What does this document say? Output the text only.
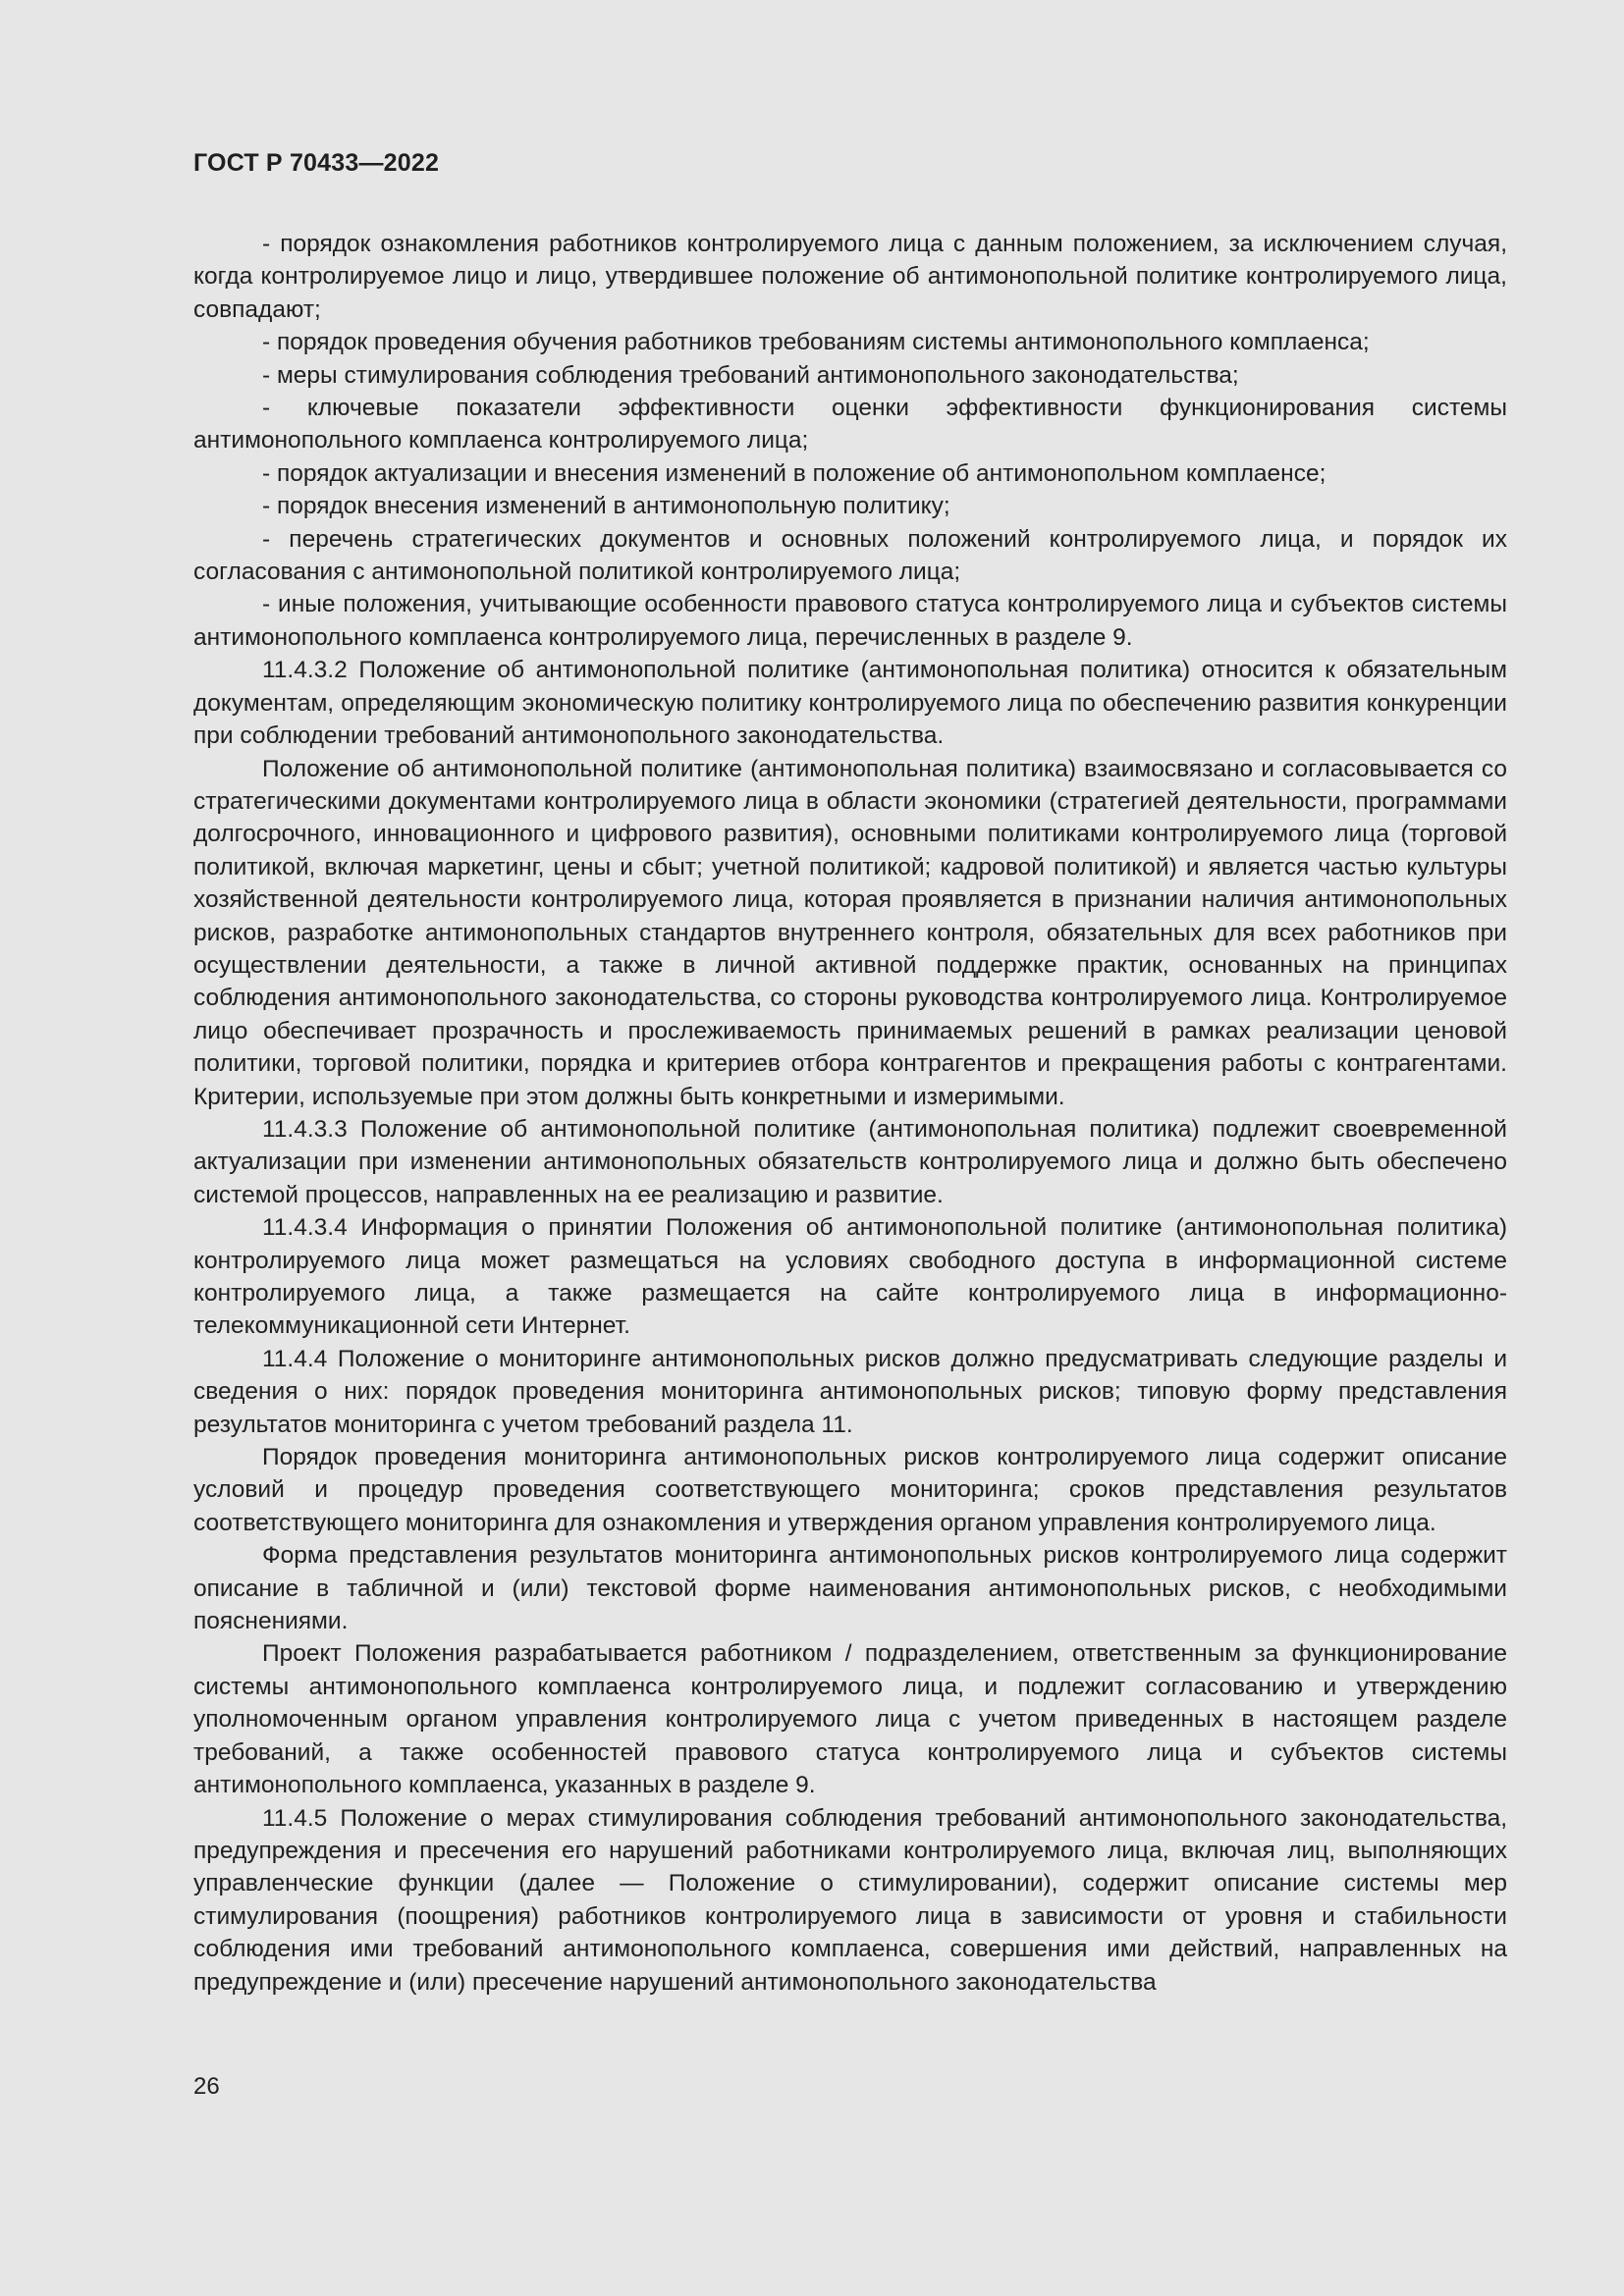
ГОСТ Р 70433—2022

- порядок ознакомления работников контролируемого лица с данным положением, за исключением случая, когда контролируемое лицо и лицо, утвердившее положение об антимонопольной политике контролируемого лица, совпадают;

- порядок проведения обучения работников требованиям системы антимонопольного комплаенса;

- меры стимулирования соблюдения требований антимонопольного законодательства;

- ключевые показатели эффективности оценки эффективности функционирования системы антимонопольного комплаенса контролируемого лица;

- порядок актуализации и внесения изменений в положение об антимонопольном комплаенсе;

- порядок внесения изменений в антимонопольную политику;

- перечень стратегических документов и основных положений контролируемого лица, и порядок их согласования с антимонопольной политикой контролируемого лица;

- иные положения, учитывающие особенности правового статуса контролируемого лица и субъектов системы антимонопольного комплаенса контролируемого лица, перечисленных в разделе 9.

11.4.3.2 Положение об антимонопольной политике (антимонопольная политика) относится к обязательным документам, определяющим экономическую политику контролируемого лица по обеспечению развития конкуренции при соблюдении требований антимонопольного законодательства.

Положение об антимонопольной политике (антимонопольная политика) взаимосвязано и согласовывается со стратегическими документами контролируемого лица в области экономики (стратегией деятельности, программами долгосрочного, инновационного и цифрового развития), основными политиками контролируемого лица (торговой политикой, включая маркетинг, цены и сбыт; учетной политикой; кадровой политикой) и является частью культуры хозяйственной деятельности контролируемого лица, которая проявляется в признании наличия антимонопольных рисков, разработке антимонопольных стандартов внутреннего контроля, обязательных для всех работников при осуществлении деятельности, а также в личной активной поддержке практик, основанных на принципах соблюдения антимонопольного законодательства, со стороны руководства контролируемого лица. Контролируемое лицо обеспечивает прозрачность и прослеживаемость принимаемых решений в рамках реализации ценовой политики, торговой политики, порядка и критериев отбора контрагентов и прекращения работы с контрагентами. Критерии, используемые при этом должны быть конкретными и измеримыми.

11.4.3.3 Положение об антимонопольной политике (антимонопольная политика) подлежит своевременной актуализации при изменении антимонопольных обязательств контролируемого лица и должно быть обеспечено системой процессов, направленных на ее реализацию и развитие.

11.4.3.4 Информация о принятии Положения об антимонопольной политике (антимонопольная политика) контролируемого лица может размещаться на условиях свободного доступа в информационной системе контролируемого лица, а также размещается на сайте контролируемого лица в информационно-телекоммуникационной сети Интернет.

11.4.4 Положение о мониторинге антимонопольных рисков должно предусматривать следующие разделы и сведения о них: порядок проведения мониторинга антимонопольных рисков; типовую форму представления результатов мониторинга с учетом требований раздела 11.

Порядок проведения мониторинга антимонопольных рисков контролируемого лица содержит описание условий и процедур проведения соответствующего мониторинга; сроков представления результатов соответствующего мониторинга для ознакомления и утверждения органом управления контролируемого лица.

Форма представления результатов мониторинга антимонопольных рисков контролируемого лица содержит описание в табличной и (или) текстовой форме наименования антимонопольных рисков, с необходимыми пояснениями.

Проект Положения разрабатывается работником / подразделением, ответственным за функционирование системы антимонопольного комплаенса контролируемого лица, и подлежит согласованию и утверждению уполномоченным органом управления контролируемого лица с учетом приведенных в настоящем разделе требований, а также особенностей правового статуса контролируемого лица и субъектов системы антимонопольного комплаенса, указанных в разделе 9.

11.4.5 Положение о мерах стимулирования соблюдения требований антимонопольного законодательства, предупреждения и пресечения его нарушений работниками контролируемого лица, включая лиц, выполняющих управленческие функции (далее — Положение о стимулировании), содержит описание системы мер стимулирования (поощрения) работников контролируемого лица в зависимости от уровня и стабильности соблюдения ими требований антимонопольного комплаенса, совершения ими действий, направленных на предупреждение и (или) пресечение нарушений антимонопольного законодательства

26
